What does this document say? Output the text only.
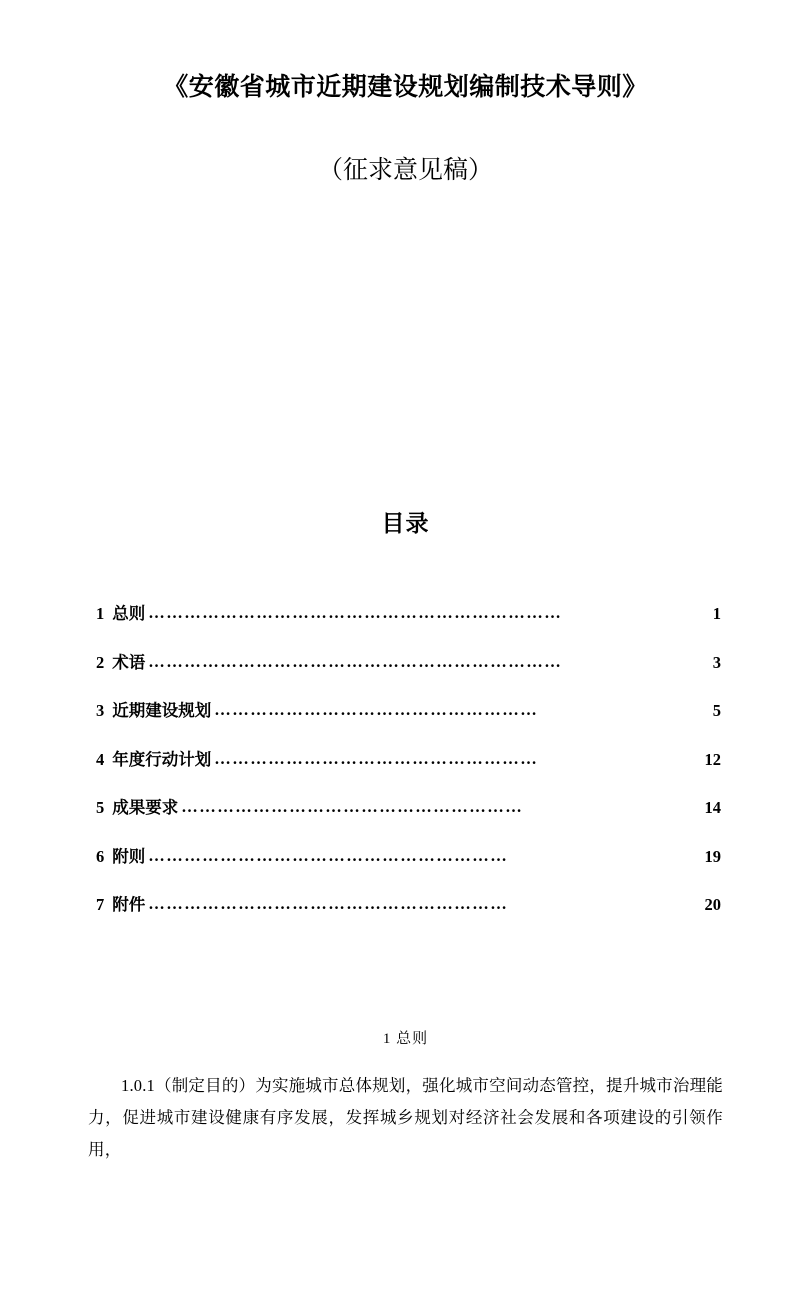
《安徽省城市近期建设规划编制技术导则》
（征求意见稿）
目录
1 总则 ……………………………………………………………	1
2 术语 ……………………………………………………………	3
3 近期建设规划 ………………………………………………	5
4 年度行动计划 ………………………………………………	12
5 成果要求 …………………………………………………	14
6 附则 ……………………………………………………	19
7 附件 ……………………………………………………	20
1 总则
1.0.1（制定目的）为实施城市总体规划，强化城市空间动态管控，提升城市治理能力，促进城市建设健康有序发展，发挥城乡规划对经济社会发展和各项建设的引领作用，
